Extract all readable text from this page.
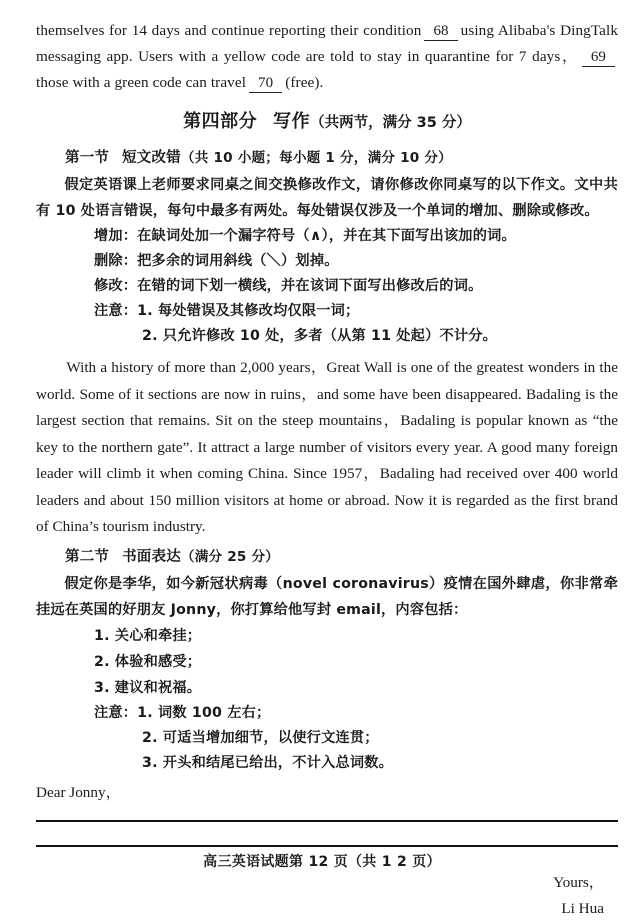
themselves for 14 days and continue reporting their condition 68 using Alibaba's DingTalk messaging app. Users with a yellow code are told to stay in quarantine for 7 days， 69those with a green code can travel 70 (free).

第四部分 写作（共两节，满分 35 分）
第一节 短文改错（共 10 小题；每小题 1 分，满分 10 分）

假定英语课上老师要求同桌之间交换修改作文，请你修改你同桌写的以下作文。文中共有 10 处语言错误，每句中最多有两处。每处错误仅涉及一个单词的增加、删除或修改。

增加：在缺词处加一个漏字符号（∧），并在其下面写出该加的词。

删除：把多余的词用斜线（＼）划掉。

修改：在错的词下划一横线，并在该词下面写出修改后的词。

注意：1. 每处错误及其修改均仅限一词；

2. 只允许修改 10 处，多者（从第 11 处起）不计分。

With a history of more than 2,000 years，Great Wall is one of the greatest wonders in the world. Some of it sections are now in ruins，and some have been disappeared. Badaling is the largest section that remains. Sit on the steep mountains，Badaling is popular known as “the key to the northern gate”. It attract a large number of visitors every year. A good many foreign leader will climb it when coming China. Since 1957，Badaling had received over 400 world leaders and about 150 million visitors at home or abroad. Now it is regarded as the first brand of China’s tourism industry.

第二节 书面表达（满分 25 分）

假定你是李华，如今新冠状病毒（novel coronavirus）疫情在国外肆虐，你非常牵挂远在英国的好朋友 Jonny，你打算给他写封 email，内容包括：

1. 关心和牵挂；

2. 体验和感受；

3. 建议和祝福。

注意：1. 词数 100 左右；

2. 可适当增加细节，以使行文连贯；

3. 开头和结尾已给出，不计入总词数。

Dear Jonny，

Yours，

Li Hua

高三英语试题第 12 页（共 1 2 页）
